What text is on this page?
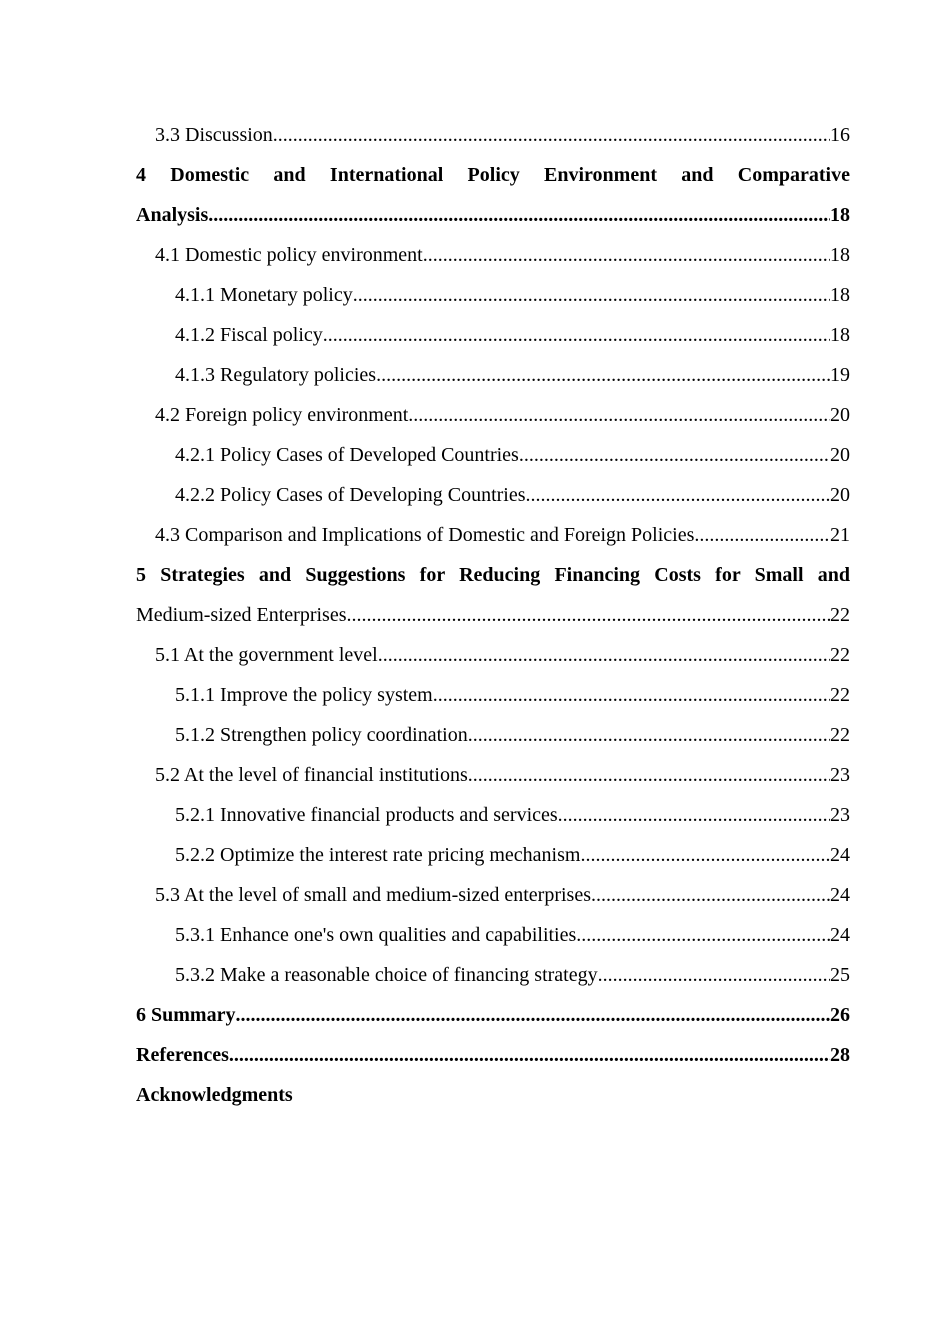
3.3 Discussion .....	16
4 Domestic and International Policy Environment and Comparative
Analysis .....	18
4.1 Domestic policy environment .....	18
4.1.1 Monetary policy .....	18
4.1.2 Fiscal policy .....	18
4.1.3 Regulatory policies .....	19
4.2 Foreign policy environment .....	20
4.2.1 Policy Cases of Developed Countries .....	20
4.2.2 Policy Cases of Developing Countries .....	20
4.3 Comparison and Implications of Domestic and Foreign Policies .....	21
5 Strategies and Suggestions for Reducing Financing Costs for Small and
Medium-sized Enterprises .....	22
5.1 At the government level .....	22
5.1.1 Improve the policy system .....	22
5.1.2 Strengthen policy coordination .....	22
5.2 At the level of financial institutions .....	23
5.2.1 Innovative financial products and services .....	23
5.2.2 Optimize the interest rate pricing mechanism .....	24
5.3 At the level of small and medium-sized enterprises .....	24
5.3.1 Enhance one's own qualities and capabilities .....	24
5.3.2 Make a reasonable choice of financing strategy .....	25
6 Summary .....	26
References .....	28
Acknowledgments
